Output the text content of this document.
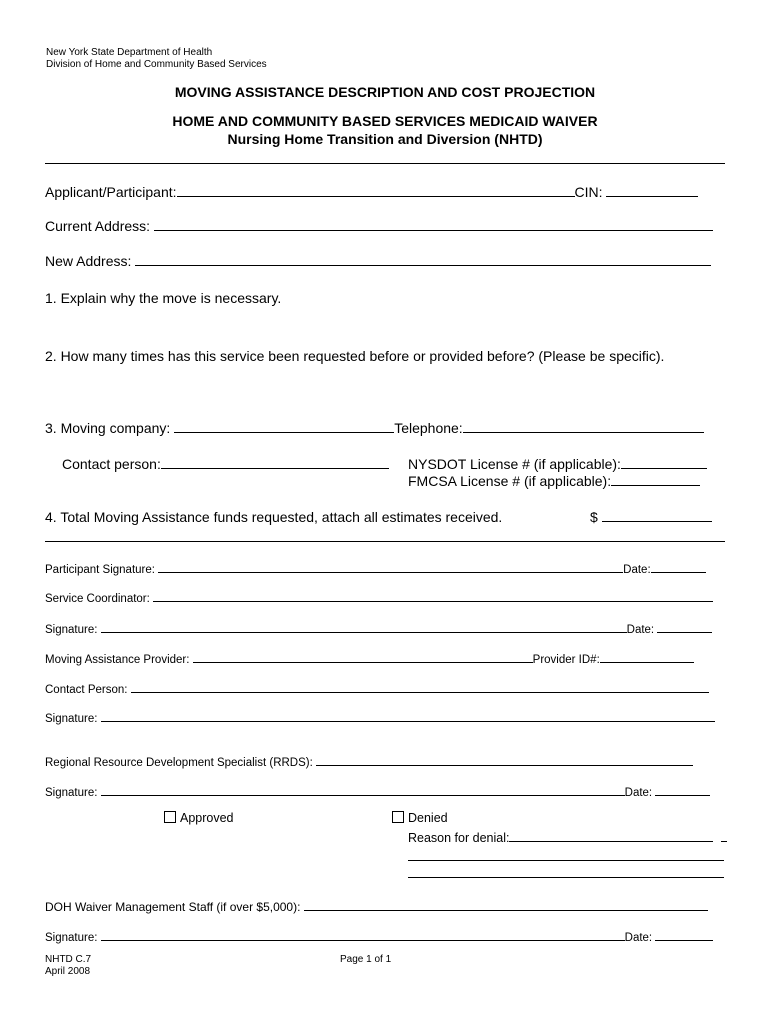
New York State Department of Health
Division of Home and Community Based Services
MOVING ASSISTANCE DESCRIPTION AND COST PROJECTION
HOME AND COMMUNITY BASED SERVICES MEDICAID WAIVER
Nursing Home Transition and Diversion (NHTD)
Applicant/Participant:	CIN:
Current Address:
New Address:
1. Explain why the move is necessary.
2. How many times has this service been requested before or provided before? (Please be specific).
3. Moving company:	Telephone:
Contact person:	NYSDOT License # (if applicable):
FMCSA License # (if applicable):
4. Total Moving Assistance funds requested, attach all estimates received.	$
Participant Signature:	Date:
Service Coordinator:
Signature:	Date:
Moving Assistance Provider:	Provider ID#:
Contact Person:
Signature:
Regional Resource Development Specialist (RRDS):
Signature:	Date:
Approved	Denied
Reason for denial:
DOH Waiver Management Staff (if over $5,000):
Signature:	Date:
NHTD C.7
April 2008
Page 1 of 1
